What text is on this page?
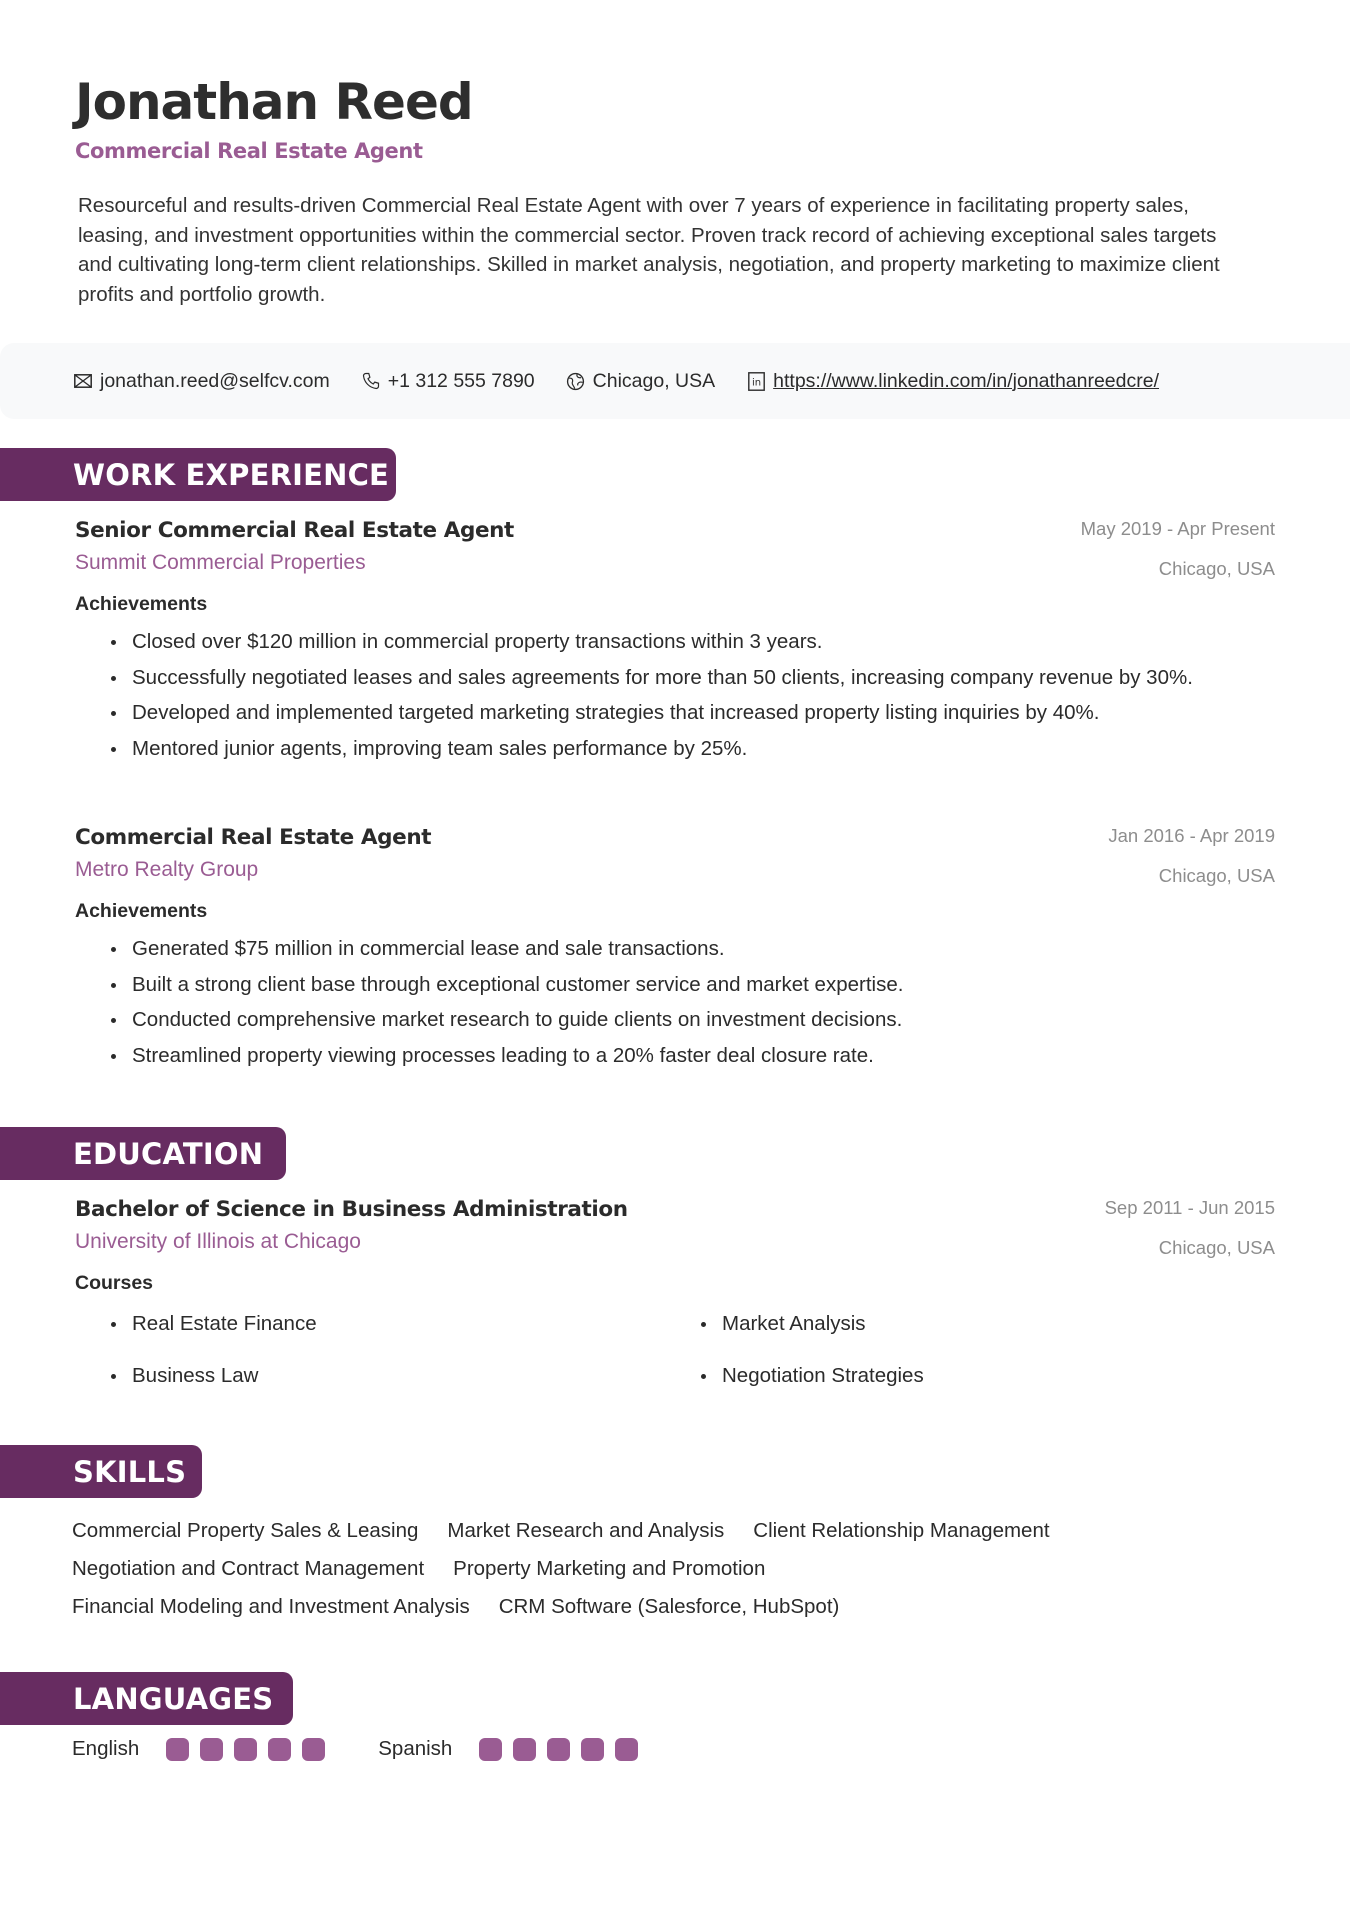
Jonathan Reed
Commercial Real Estate Agent
Resourceful and results-driven Commercial Real Estate Agent with over 7 years of experience in facilitating property sales, leasing, and investment opportunities within the commercial sector. Proven track record of achieving exceptional sales targets and cultivating long-term client relationships. Skilled in market analysis, negotiation, and property marketing to maximize client profits and portfolio growth.
jonathan.reed@selfcv.com	+1 312 555 7890	Chicago, USA	in https://www.linkedin.com/in/jonathanreedcre/
WORK EXPERIENCE
Senior Commercial Real Estate Agent
Summit Commercial Properties
May 2019 - Apr Present
Chicago, USA
Achievements
Closed over $120 million in commercial property transactions within 3 years.
Successfully negotiated leases and sales agreements for more than 50 clients, increasing company revenue by 30%.
Developed and implemented targeted marketing strategies that increased property listing inquiries by 40%.
Mentored junior agents, improving team sales performance by 25%.
Commercial Real Estate Agent
Metro Realty Group
Jan 2016 - Apr 2019
Chicago, USA
Achievements
Generated $75 million in commercial lease and sale transactions.
Built a strong client base through exceptional customer service and market expertise.
Conducted comprehensive market research to guide clients on investment decisions.
Streamlined property viewing processes leading to a 20% faster deal closure rate.
EDUCATION
Bachelor of Science in Business Administration
University of Illinois at Chicago
Sep 2011 - Jun 2015
Chicago, USA
Courses
Real Estate Finance	Market Analysis
Business Law	Negotiation Strategies
SKILLS
Commercial Property Sales & Leasing Market Research and Analysis Client Relationship Management
Negotiation and Contract Management Property Marketing and Promotion
Financial Modeling and Investment Analysis CRM Software (Salesforce, HubSpot)
LANGUAGES
English	Spanish
